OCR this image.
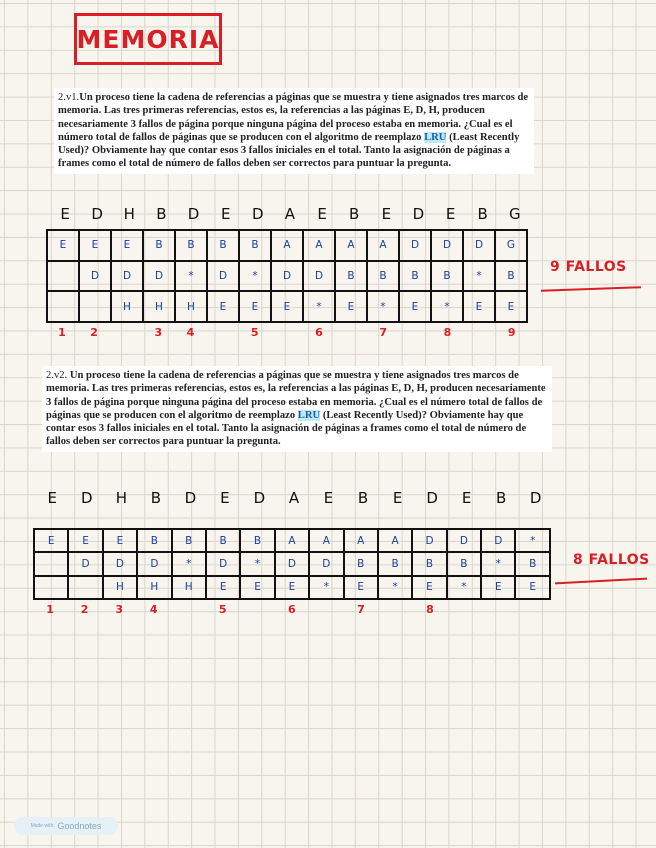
MEMORIA
2.v1.Un proceso tiene la cadena de referencias a páginas que se muestra y tiene asignados tres marcos de memoria. Las tres primeras referencias, estos es, la referencias a las páginas E, D, H, producen necesariamente 3 fallos de página porque ninguna página del proceso estaba en memoria. ¿Cual es el número total de fallos de páginas que se producen con el algoritmo de reemplazo LRU (Least Recently Used)? Obviamente hay que contar esos 3 fallos iniciales en el total. Tanto la asignación de páginas a frames como el total de número de fallos deben ser correctos para puntuar la pregunta.
E	D	H	B	D	E	D	A	E	B	E	D	E	B	G
E	E	E	B	B	B	B	A	A	A	A	D	D	D	G
	D	D	D	*	D	*	D	D	B	B	B	B	*	B
		H	H	H	E	E	E	*	E	*	E	*	E	E
1 2	3 4	5	6	7	8	9
9 FALLOS
2.v2. Un proceso tiene la cadena de referencias a páginas que se muestra y tiene asignados tres marcos de memoria. Las tres primeras referencias, estos es, la referencias a las páginas E, D, H, producen necesariamente 3 fallos de página porque ninguna página del proceso estaba en memoria. ¿Cual es el número total de fallos de páginas que se producen con el algoritmo de reemplazo LRU (Least Recently Used)? Obviamente hay que contar esos 3 fallos iniciales en el total. Tanto la asignación de páginas a frames como el total de número de fallos deben ser correctos para puntuar la pregunta.
E	D	H	B	D	E	D	A	E	B	E	D	E	B	D
E	E	E	B	B	B	B	A	A	A	A	D	D	D	*
	D	D	D	*	D	*	D	D	B	B	B	B	*	B
		H	H	H	E	E	E	*	E	*	E	*	E	E
1 2 3 4	5	6	7	8
8 FALLOS
Made with Goodnotes
